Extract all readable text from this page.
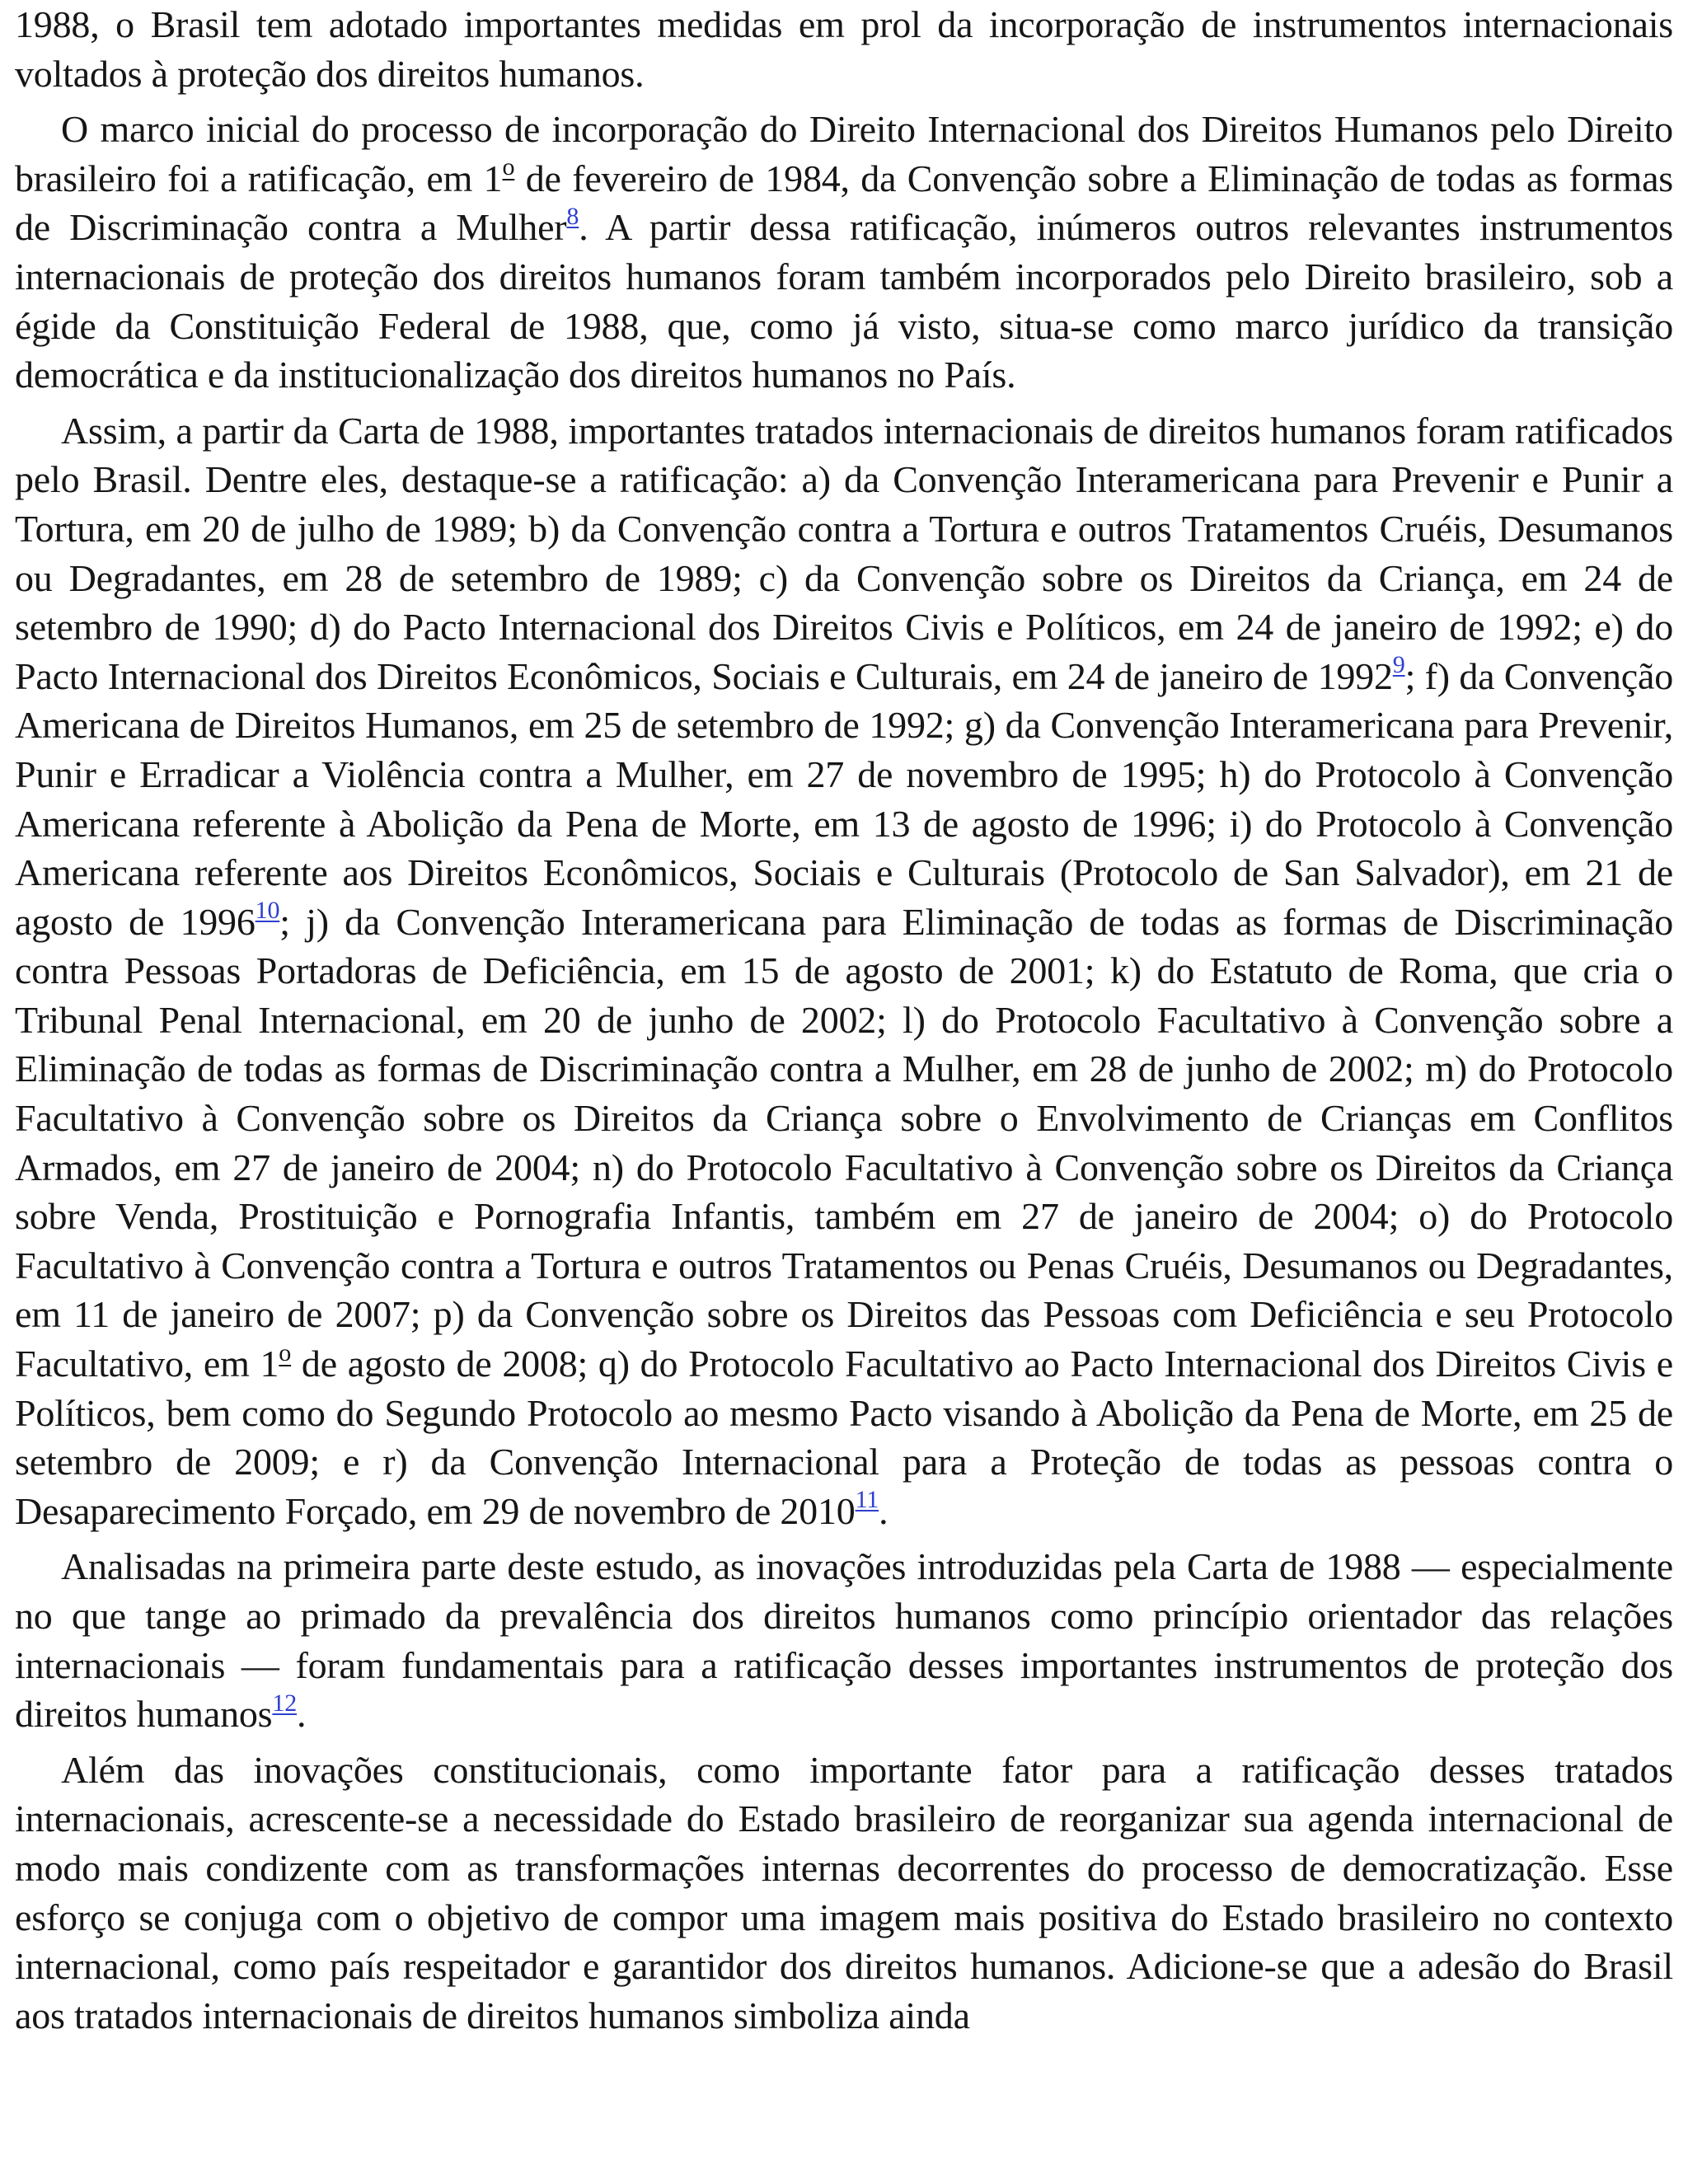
1988, o Brasil tem adotado importantes medidas em prol da incorporação de instrumentos internacionais voltados à proteção dos direitos humanos.

O marco inicial do processo de incorporação do Direito Internacional dos Direitos Humanos pelo Direito brasileiro foi a ratificação, em 1$^o$ de fevereiro de 1984, da Convenção sobre a Eliminação de todas as formas de Discriminação contra a Mulher$^8$. A partir dessa ratificação, inúmeros outros relevantes instrumentos internacionais de proteção dos direitos humanos foram também incorporados pelo Direito brasileiro, sob a égide da Constituição Federal de 1988, que, como já visto, situa-se como marco jurídico da transição democrática e da institucionalização dos direitos humanos no País.

Assim, a partir da Carta de 1988, importantes tratados internacionais de direitos humanos foram ratificados pelo Brasil. Dentre eles, destaque-se a ratificação: a) da Convenção Interamericana para Prevenir e Punir a Tortura, em 20 de julho de 1989; b) da Convenção contra a Tortura e outros Tratamentos Cruéis, Desumanos ou Degradantes, em 28 de setembro de 1989; c) da Convenção sobre os Direitos da Criança, em 24 de setembro de 1990; d) do Pacto Internacional dos Direitos Civis e Políticos, em 24 de janeiro de 1992; e) do Pacto Internacional dos Direitos Econômicos, Sociais e Culturais, em 24 de janeiro de 1992$^9$; f) da Convenção Americana de Direitos Humanos, em 25 de setembro de 1992; g) da Convenção Interamericana para Prevenir, Punir e Erradicar a Violência contra a Mulher, em 27 de novembro de 1995; h) do Protocolo à Convenção Americana referente à Abolição da Pena de Morte, em 13 de agosto de 1996; i) do Protocolo à Convenção Americana referente aos Direitos Econômicos, Sociais e Culturais (Protocolo de San Salvador), em 21 de agosto de 1996$^{10}$; j) da Convenção Interamericana para Eliminação de todas as formas de Discriminação contra Pessoas Portadoras de Deficiência, em 15 de agosto de 2001; k) do Estatuto de Roma, que cria o Tribunal Penal Internacional, em 20 de junho de 2002; l) do Protocolo Facultativo à Convenção sobre a Eliminação de todas as formas de Discriminação contra a Mulher, em 28 de junho de 2002; m) do Protocolo Facultativo à Convenção sobre os Direitos da Criança sobre o Envolvimento de Crianças em Conflitos Armados, em 27 de janeiro de 2004; n) do Protocolo Facultativo à Convenção sobre os Direitos da Criança sobre Venda, Prostituição e Pornografia Infantis, também em 27 de janeiro de 2004; o) do Protocolo Facultativo à Convenção contra a Tortura e outros Tratamentos ou Penas Cruéis, Desumanos ou Degradantes, em 11 de janeiro de 2007; p) da Convenção sobre os Direitos das Pessoas com Deficiência e seu Protocolo Facultativo, em 1$^o$ de agosto de 2008; q) do Protocolo Facultativo ao Pacto Internacional dos Direitos Civis e Políticos, bem como do Segundo Protocolo ao mesmo Pacto visando à Abolição da Pena de Morte, em 25 de setembro de 2009; e r) da Convenção Internacional para a Proteção de todas as pessoas contra o Desaparecimento Forçado, em 29 de novembro de 2010$^{11}$.

Analisadas na primeira parte deste estudo, as inovações introduzidas pela Carta de 1988 — especialmente no que tange ao primado da prevalência dos direitos humanos como princípio orientador das relações internacionais — foram fundamentais para a ratificação desses importantes instrumentos de proteção dos direitos humanos$^{12}$.

Além das inovações constitucionais, como importante fator para a ratificação desses tratados internacionais, acrescente-se a necessidade do Estado brasileiro de reorganizar sua agenda internacional de modo mais condizente com as transformações internas decorrentes do processo de democratização. Esse esforço se conjuga com o objetivo de compor uma imagem mais positiva do Estado brasileiro no contexto internacional, como país respeitador e garantidor dos direitos humanos. Adicione-se que a adesão do Brasil aos tratados internacionais de direitos humanos simboliza ainda
